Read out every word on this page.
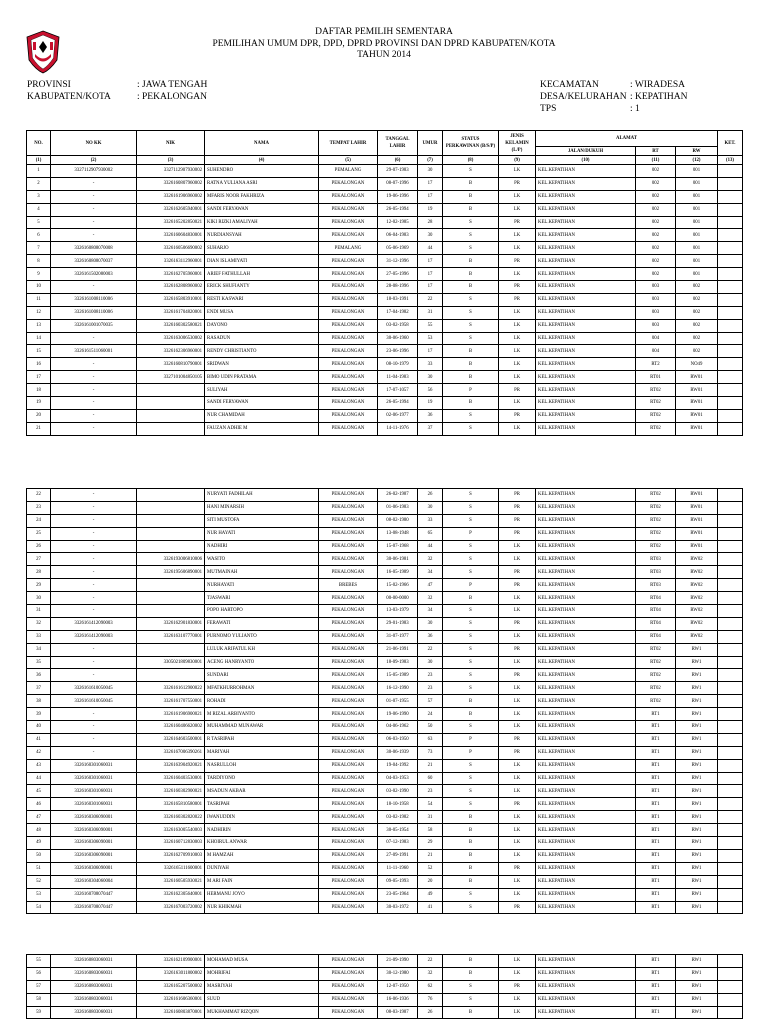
DAFTAR PEMILIH SEMENTARA
PEMILIHAN UMUM DPR, DPD, DPRD PROVINSI DAN DPRD KABUPATEN/KOTA
TAHUN 2014
PROVINSI	: JAWA TENGAH
KABUPATEN/KOTA	: PEKALONGAN
KECAMATAN	: WIRADESA
DESA/KELURAHAN : KEPATIHAN
TPS	: 1
NO.	NO KK	NIK	NAMA	TEMPAT LAHIR	TANGGAL LAHIR	UMUR	STATUS PERKAWINAN (B/S/P)	JENIS KELAMIN (L/P)	ALAMAT			KET.
									JALAN/DUKUH	RT	RW	
(1)	(2)	(3)	(4)	(5)	(6)	(7)	(8)	(9)	(10)	(11)	(12)	(13)
1	3327112907930002	3327112907930002	SUHENDRO	PEMALANG	29-07-1983	30	S	LK	KEL.KEPATIHAN	002	001	
2	-	3326160807960002	RATNA YULIANA ASRI	PEKALONGAN	08-07-1996	17	B	PR	KEL.KEPATIHAN	002	001	
3	-	3326161906960002	MFARIS NOOR FAKHRIZA	PEKALONGAN	19-06-1996	17	B	LK	KEL.KEPATIHAN	002	001	
4	-	3326162605940001	SANDI FERYAWAN	PEKALONGAN	26-05-1994	19	B	LK	KEL.KEPATIHAN	002	001	
5	-	3326165202850021	KIKI RIZKI AMALIYAH	PEKALONGAN	12-02-1985	28	S	PR	KEL.KEPATIHAN	002	001	
6	-	3326160604830001	NURDIANSYAH	PEKALONGAN	06-04-1983	30	S	LK	KEL.KEPATIHAN	002	001	
7	3326160808070008	3326160506690002	SUHARJO	PEMALANG	05-06-1969	44	S	LK	KEL.KEPATIHAN	002	001	
8	3326160808070037	3326163112960001	DIAN ISLAMIYATI	PEKALONGAN	31-12-1996	17	B	PR	KEL.KEPATIHAN	002	001	
9	3326161502080003	3326162705960001	ARIEF FATHULLAH	PEKALONGAN	27-05-1996	17	B	LK	KEL.KEPATIHAN	002	001	
10	-	3326162808960002	ERICK SHUFIANTY	PEKALONGAN	28-08-1996	17	B	PR	KEL.KEPATIHAN	003	002	
11	3326161008110006	3326165803910001	RESTI KASWARI	PEKALONGAN	18-03-1991	22	S	PR	KEL.KEPATIHAN	003	002	
12	3326161008110006	3326161704820001	ENDI MUSA	PEKALONGAN	17-04-1982	31	S	LK	KEL.KEPATIHAN	003	002	
13	3326161001070035	3326160302580021	DAYONO	PEKALONGAN	03-02-1958	55	S	LK	KEL.KEPATIHAN	003	002	
14	-	3326163006530002	RASADUN	PEKALONGAN	30-06-1960	53	S	LK	KEL.KEPATIHAN	004	002	
15	3326161511060001	3326162306960001	RENDY CHRISTIANTO	PEKALONGAN	23-06-1996	17	B	LK	KEL.KEPATIHAN	004	002	
16	-	3326160810790001	SRIDWAN	PEKALONGAN	08-10-1979	33	B	LK	KEL.KEPATIHAN	RT2	NO49	
17	-	3327101004850105	BIMO UDIN PRATAMA	PEKALONGAN	11-04-1983	30	B	LK	KEL.KEPATIHAN	RT01	RW01	
18	-		SULIYAH	PEKALONGAN	17-07-1057	56	P	PR	KEL.KEPATIHAN	RT02	RW01	
19	-		SANDI FERYAWAN	PEKALONGAN	26-05-1994	19	B	LK	KEL.KEPATIHAN	RT02	RW01	
20	-		NUR CHAMIDAH	PEKALONGAN	02-06-1977	36	S	PR	KEL.KEPATIHAN	RT02	RW01	
21	-		FAUZAN ADHIE M	PEKALONGAN	14-11-1976	37	S	LK	KEL.KEPATIHAN	RT02	RW01	
22	-		NURYATI FADHILAH	PEKALONGAN	26-02-1987	26	S	PR	KEL.KEPATIHAN	RT02	RW01	
23	-		HANI MINARSIH	PEKALONGAN	01-06-1983	30	S	PR	KEL.KEPATIHAN	RT02	RW01	
24	-		SITI MUSTOFA	PEKALONGAN	08-02-1980	33	S	PR	KEL.KEPATIHAN	RT02	RW01	
25	-		NUR HAYATI	PEKALONGAN	13-08-1948	65	P	PR	KEL.KEPATIHAN	RT02	RW01	
26	-		NADHIRI	PEKALONGAN	15-07-1968	44	S	LK	KEL.KEPATIHAN	RT02	RW01	
27	-	3326193006810006	WASITO	PEKALONGAN	30-06-1981	32	S	LK	KEL.KEPATIHAN	RT03	RW02	
28	-	3326195606890001	MUTMAINAH	PEKALONGAN	16-05-1989	34	S	PR	KEL.KEPATIHAN	RT03	RW02	
29	-		NURHAYATI	BREBES	15-02-1966	47	P	PR	KEL.KEPATIHAN	RT03	RW02	
30	-		TJASWARI	PEKALONGAN	00-00-0000	32	B	LK	KEL.KEPATIHAN	RT04	RW02	
31	-		POPO HARTOPO	PEKALONGAN	13-03-1979	34	S	LK	KEL.KEPATIHAN	RT04	RW02	
32	3326161412090003	3326162901830001	FERAWATI	PEKALONGAN	29-01-1983	30	S	PR	KEL.KEPATIHAN	RT04	RW02	
33	3326161412090003	3326163107770001	PURNOMO YULIANTO	PEKALONGAN	31-07-1977	36	S	LK	KEL.KEPATIHAN	RT04	RW02	
34	-		LULUK ARIFATUL KH	PEKALONGAN	21-06-1991	22	S	PR	KEL.KEPATIHAN	RT02	RW1	
35	-	3305021809830001	ACENG HANRYANTO	PEKALONGAN	18-09-1983	30	S	LK	KEL.KEPATIHAN	RT02	RW1	
36	-		SUNDARI	PEKALONGAN	15-05-1989	23	S	PR	KEL.KEPATIHAN	RT02	RW1	
37	3326161610050045	3326161612900022	MFATKHURROHMAN	PEKALONGAN	16-12-1990	23	S	LK	KEL.KEPATIHAN	RT02	RW1	
38	3326161610050045	3326161707550001	ROHADI	PEKALONGAN	01-07-1955	57	B	LK	KEL.KEPATIHAN	RT02	RW1	
39	-	3326161906900021	M RIZAL ARBIYANTO	PEKALONGAN	19-06-1990	24	B	LK	KEL.KEPATIHAN	RT1	RW1	
40	-	3326160406620002	MUHAMMAD MUNAWAR	PEKALONGAN	04-06-1962	50	S	LK	KEL.KEPATIHAN	RT1	RW1	
41	-	3326164603500001	R TASRIPAH	PEKALONGAN	06-03-1950	63	P	PR	KEL.KEPATIHAN	RT1	RW1	
42	-	3326167006390261	MARIYAH	PEKALONGAN	30-06-1939	73	P	PR	KEL.KEPATIHAN	RT1	RW1	
43	3326160301060031	3326163904920021	NASRULLOH	PEKALONGAN	19-04-1992	21	S	LK	KEL.KEPATIHAN	RT1	RW1	
44	3326160301060031	3326160403530001	TARDIYONO	PEKALONGAN	04-03-1953	60	S	LK	KEL.KEPATIHAN	RT1	RW1	
45	3326160301060031	3326160302900021	MSADUN AKBAR	PEKALONGAN	03-02-1990	23	S	LK	KEL.KEPATIHAN	RT1	RW1	
46	3326160301060031	3326165810580001	TASRIPAH	PEKALONGAN	18-10-1958	54	S	PR	KEL.KEPATIHAN	RT1	RW1	
47	3326160306090001	3326160302820022	IWANUDDIN	PEKALONGAN	03-02-1982	31	B	LK	KEL.KEPATIHAN	RT1	RW1	
48	3326160306090001	3326163005540003	NADHIRIN	PEKALONGAN	30-05-1954	58	B	LK	KEL.KEPATIHAN	RT1	RW1	
49	3326160306090001	3326160712830003	KHOIRUL ANWAR	PEKALONGAN	07-12-1983	29	B	LK	KEL.KEPATIHAN	RT1	RW1	
50	3326160306090001	3326162709910003	M HAMZAH	PEKALONGAN	27-09-1991	21	B	LK	KEL.KEPATIHAN	RT1	RW1	
51	3326160306090001	3326165111600001	DUNIYAH	PEKALONGAN	11-11-1960	52	B	PR	KEL.KEPATIHAN	RT1	RW1	
52	3326160304060004	3326160505930021	M ARI FAIN	PEKALONGAN	09-05-1993	20	B	LK	KEL.KEPATIHAN	RT1	RW1	
53	3326160708070447	3326162305640001	HERMANU JOYO	PEKALONGAN	23-05-1964	49	S	LK	KEL.KEPATIHAN	RT1	RW1	
54	3326160708070447	3326167003720002	NUR KHIKMAH	PEKALONGAN	30-03-1972	41	S	PR	KEL.KEPATIHAN	RT1	RW1	
55	3326160803060031	3326162109900001	MOHAMAD MUSA	PEKALONGAN	21-09-1990	22	B	LK	KEL.KEPATIHAN	RT1	RW1	
56	3326160803060031	3326163011800002	MOHRIFAI	PEKALONGAN	30-12-1980	32	B	LK	KEL.KEPATIHAN	RT1	RW1	
57	3326160803060031	3326165207500002	MASRIYAH	PEKALONGAN	12-07-1950	62	S	PR	KEL.KEPATIHAN	RT1	RW1	
58	3326160803060031	3326161606360001	SUUD	PEKALONGAN	16-06-1936	76	S	LK	KEL.KEPATIHAN	RT1	RW1	
59	3326160803060031	3326160803870001	MUKHAMMAT RIZQON	PEKALONGAN	08-03-1987	26	B	LK	KEL.KEPATIHAN	RT1	RW1	
